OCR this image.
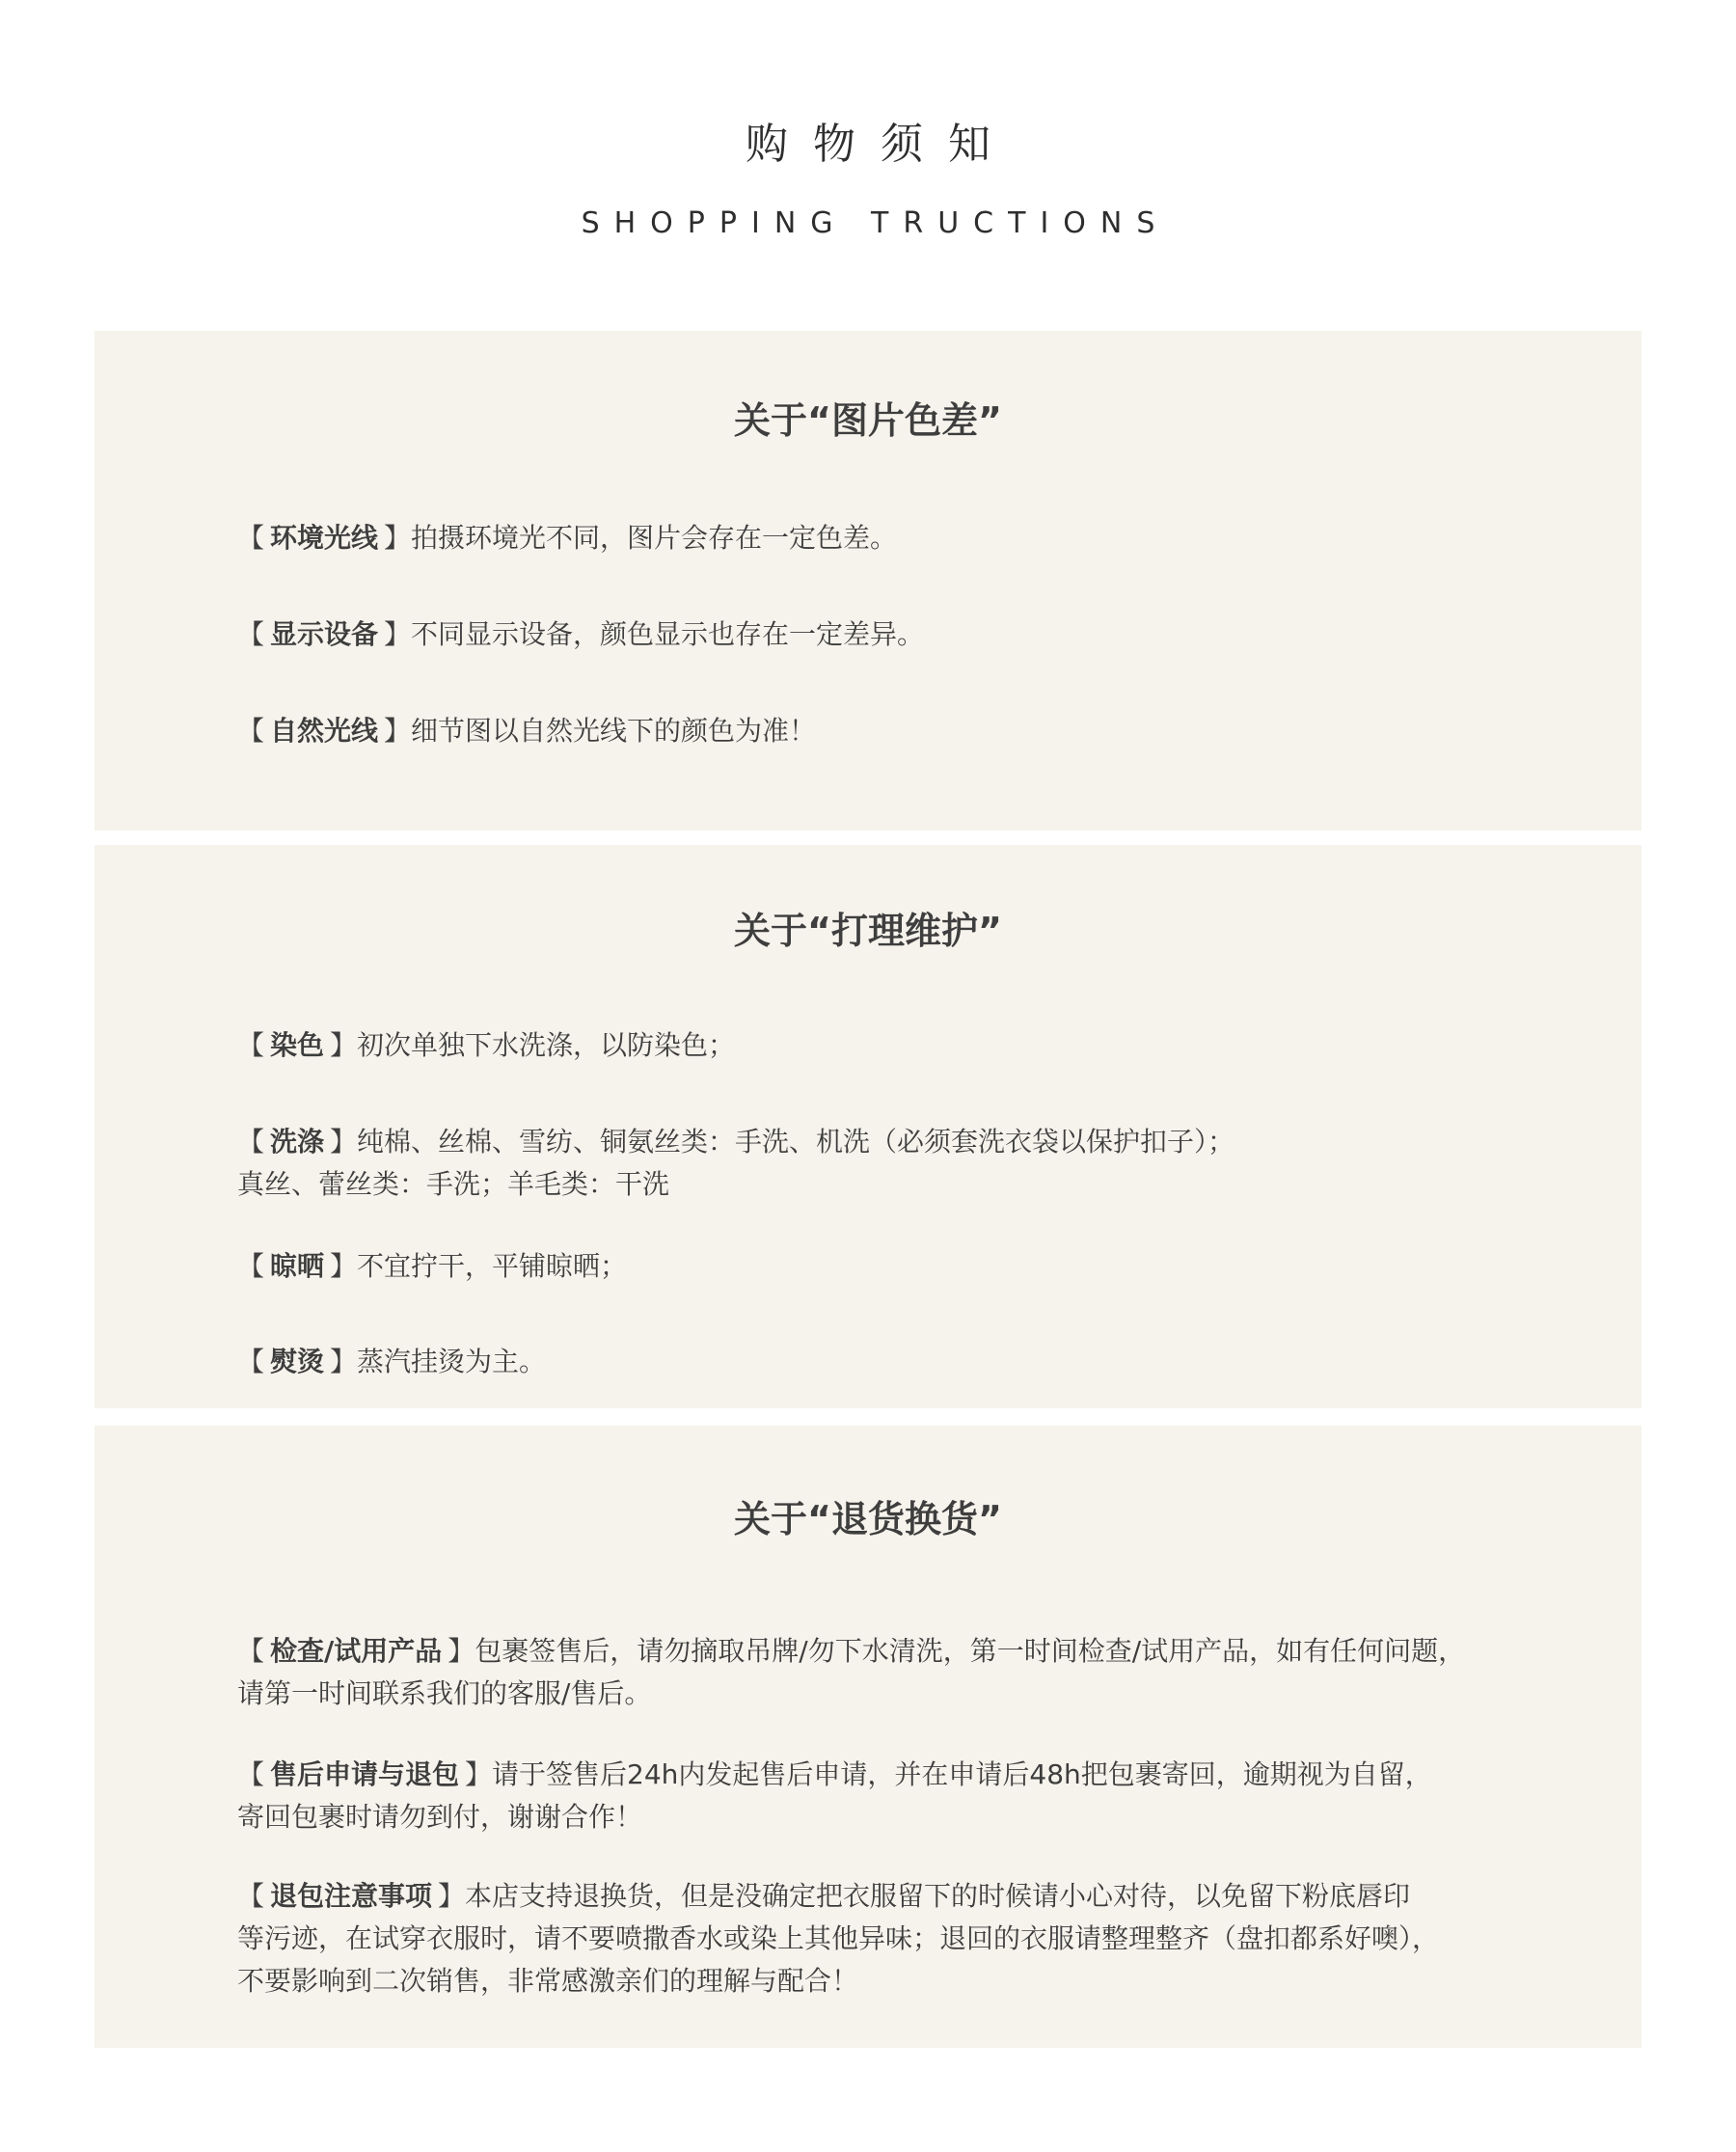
购物须知
SHOPPING TRUCTIONS
关于“图片色差”
【 环境光线 】拍摄环境光不同，图片会存在一定色差。
【 显示设备 】不同显示设备，颜色显示也存在一定差异。
【 自然光线 】细节图以自然光线下的颜色为准！
关于“打理维护”
【 染色 】初次单独下水洗涤，以防染色；
【 洗涤 】纯棉、丝棉、雪纺、铜氨丝类：手洗、机洗（必须套洗衣袋以保护扣子）；
真丝、蕾丝类：手洗；羊毛类：干洗
【 晾晒 】不宜拧干，平铺晾晒；
【 熨烫 】蒸汽挂烫为主。
关于“退货换货”
【 检查/试用产品 】包裹签售后，请勿摘取吊牌/勿下水清洗，第一时间检查/试用产品，如有任何问题，
请第一时间联系我们的客服/售后。
【 售后申请与退包 】请于签售后24h内发起售后申请，并在申请后48h把包裹寄回，逾期视为自留，
寄回包裹时请勿到付，谢谢合作！
【 退包注意事项 】本店支持退换货，但是没确定把衣服留下的时候请小心对待，以免留下粉底唇印
等污迹，在试穿衣服时，请不要喷撒香水或染上其他异味；退回的衣服请整理整齐（盘扣都系好噢），
不要影响到二次销售，非常感激亲们的理解与配合！
